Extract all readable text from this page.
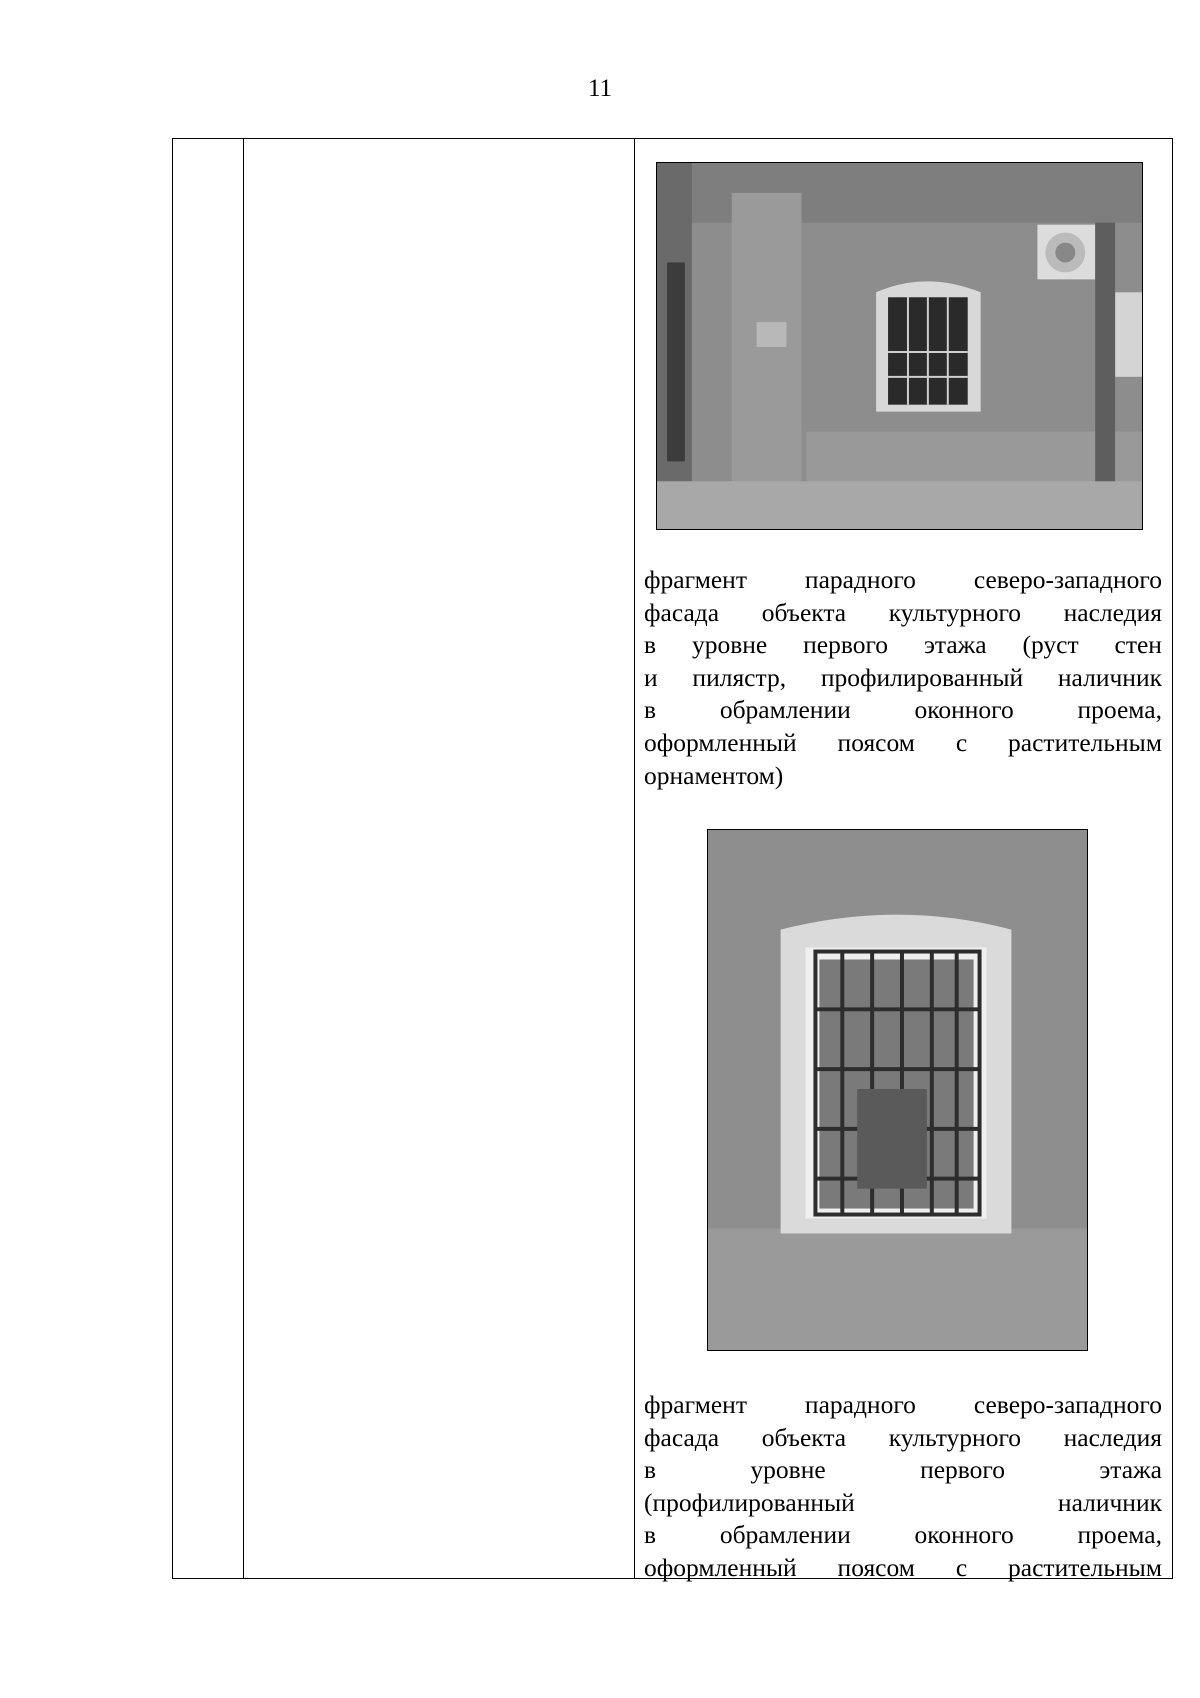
11
фрагмент парадного северо-западного
фасада объекта культурного наследия
в уровне первого этажа (руст стен
и пилястр, профилированный наличник
в	обрамлении	оконного	проема,
оформленный поясом с растительным
орнаментом)
фрагмент парадного северо-западного
фасада объекта культурного наследия
в	уровне	первого	этажа
(профилированный	наличник
в	обрамлении	оконного	проема,
оформленный поясом с растительным
